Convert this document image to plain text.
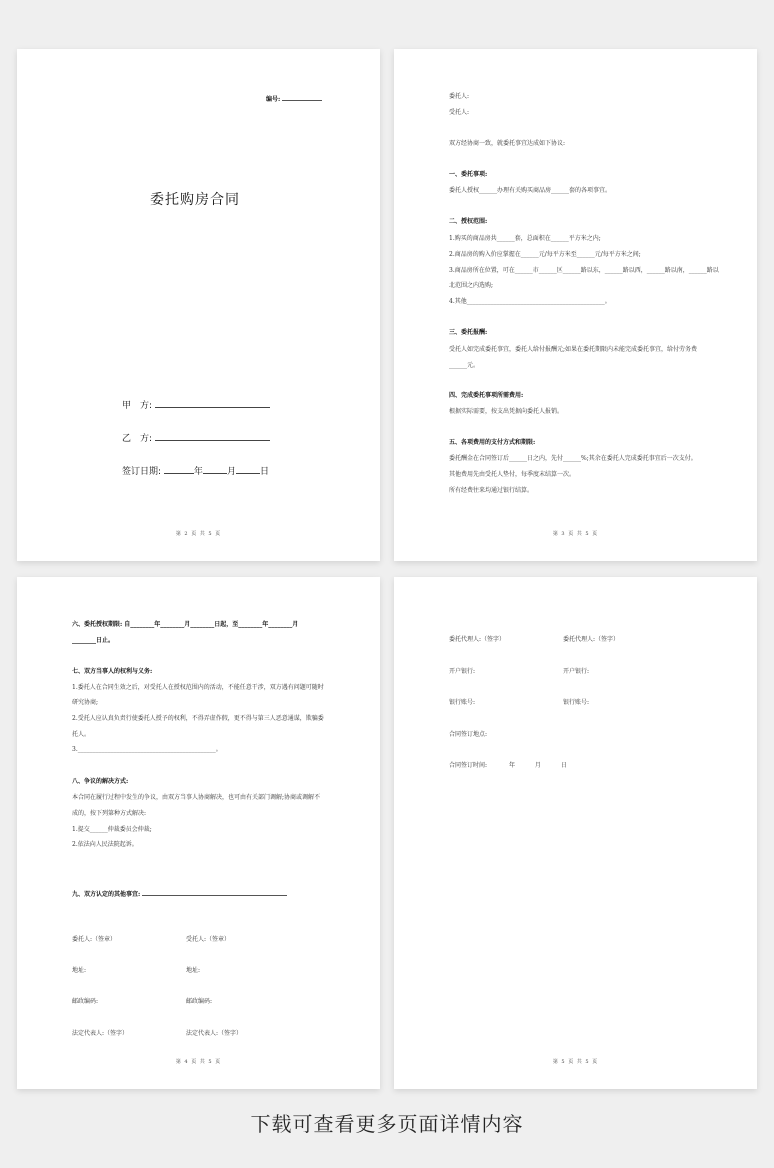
编号:
委托购房合同
甲　方:
乙　方:
签订日期:	年	月	日
第 2 页 共 5 页
委托人:
受托人:
双方经协商一致，就委托事宜达成如下协议:
一、委托事项:
委托人授权______办理有关购买商品房______套的各项事宜。
二、授权范围:
1.购买的商品房共______套，总面积在______平方米之内;
2.商品房的购入价应掌握在______元/每平方米至______元/每平方米之间;
3.商品房所在位置，可在______市______区______路以东，______路以西，______路以南，______路以
北范围之内选购;
4.其他______________________________________________。
三、委托报酬:
受托人如完成委托事宜，委托人给付报酬元;如果在委托期限内未能完成委托事宜，给付劳务费
______元。
四、完成委托事项所需费用:
根据实际需要，按支出凭据向委托人报销。
五、各项费用的支付方式和期限:
委托酬金在合同签订后______日之内，先付______%;其余在委托人完成委托事宜后一次支付。
其他费用先由受托人垫付，每季度末结算一次。
所有经费往来均通过银行结算。
第 3 页 共 5 页
六、委托授权期限: 自________年________月________日起，至________年________月
________日止。
七、双方当事人的权利与义务:
1.委托人在合同生效之后，对受托人在授权范围内的活动，不能任意干涉，双方遇有问题可随时
研究协商;
2.受托人应认真负责行使委托人授予的权利，不得弄虚作假，更不得与第三人恶意通谋，欺骗委
托人。
3.______________________________________________。
八、争议的解决方式:
本合同在履行过程中发生的争议，由双方当事人协商解决，也可由有关部门调解;协商或调解不
成的，按下列第种方式解决:
1.提交______仲裁委员会仲裁;
2.依法向人民法院起诉。
九、双方认定的其他事宜:
委托人:（签章）	受托人:（签章）
地址:	地址:
邮政编码:	邮政编码:
法定代表人:（签字）	法定代表人:（签字）
第 4 页 共 5 页
委托代理人:（签字）	委托代理人:（签字）
开户银行:	开户银行:
银行账号:	银行账号:
合同签订地点:
合同签订时间:	年	月	日
第 5 页 共 5 页
下载可查看更多页面详情内容
